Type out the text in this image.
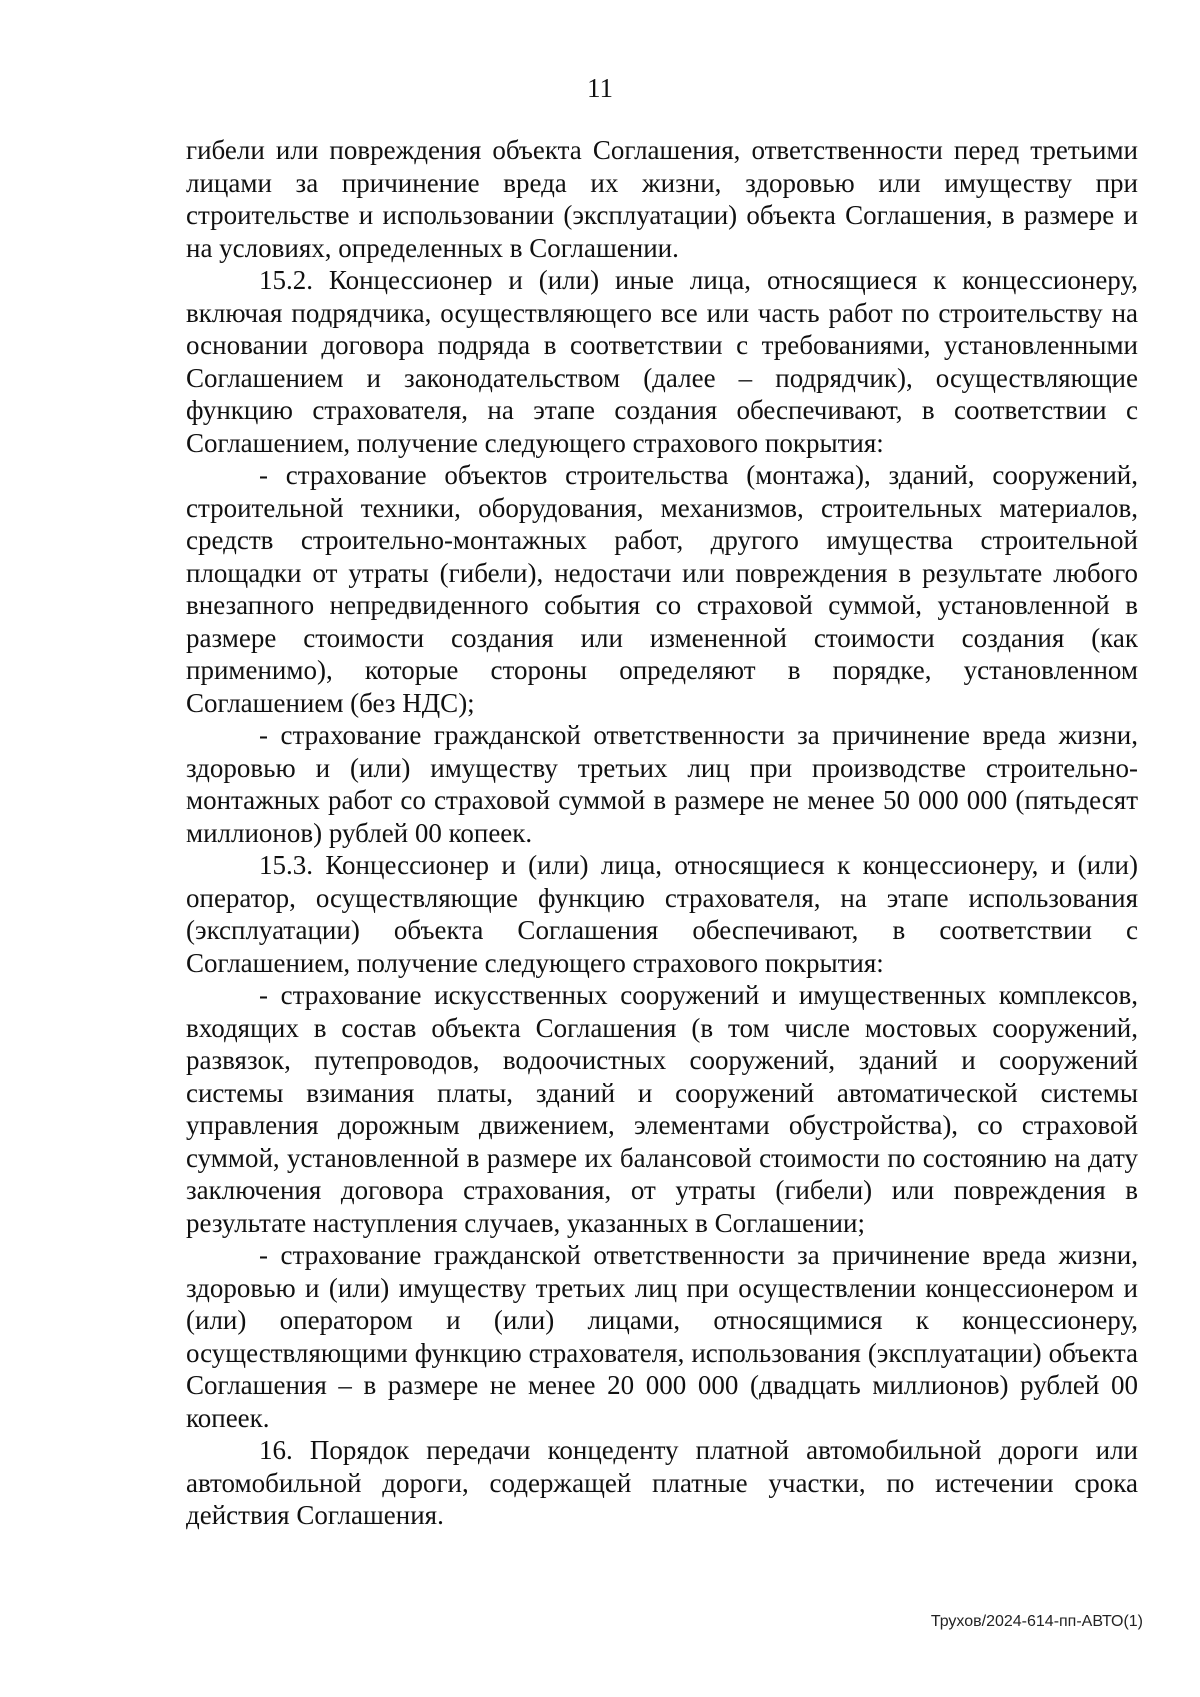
11

гибели или повреждения объекта Соглашения, ответственности перед третьими лицами за причинение вреда их жизни, здоровью или имуществу при строительстве и использовании (эксплуатации) объекта Соглашения, в размере и на условиях, определенных в Соглашении.

15.2. Концессионер и (или) иные лица, относящиеся к концессионеру, включая подрядчика, осуществляющего все или часть работ по строительству на основании договора подряда в соответствии с требованиями, установленными Соглашением и законодательством (далее – подрядчик), осуществляющие функцию страхователя, на этапе создания обеспечивают, в соответствии с Соглашением, получение следующего страхового покрытия:

- страхование объектов строительства (монтажа), зданий, сооружений, строительной техники, оборудования, механизмов, строительных материалов, средств строительно-монтажных работ, другого имущества строительной площадки от утраты (гибели), недостачи или повреждения в результате любого внезапного непредвиденного события со страховой суммой, установленной в размере стоимости создания или измененной стоимости создания (как применимо), которые стороны определяют в порядке, установленном Соглашением (без НДС);

- страхование гражданской ответственности за причинение вреда жизни, здоровью и (или) имуществу третьих лиц при производстве строительно-монтажных работ со страховой суммой в размере не менее 50 000 000 (пятьдесят миллионов) рублей 00 копеек.

15.3. Концессионер и (или) лица, относящиеся к концессионеру, и (или) оператор, осуществляющие функцию страхователя, на этапе использования (эксплуатации) объекта Соглашения обеспечивают, в соответствии с Соглашением, получение следующего страхового покрытия:

- страхование искусственных сооружений и имущественных комплексов, входящих в состав объекта Соглашения (в том числе мостовых сооружений, развязок, путепроводов, водоочистных сооружений, зданий и сооружений системы взимания платы, зданий и сооружений автоматической системы управления дорожным движением, элементами обустройства), со страховой суммой, установленной в размере их балансовой стоимости по состоянию на дату заключения договора страхования, от утраты (гибели) или повреждения в результате наступления случаев, указанных в Соглашении;

- страхование гражданской ответственности за причинение вреда жизни, здоровью и (или) имуществу третьих лиц при осуществлении концессионером и (или) оператором и (или) лицами, относящимися к концессионеру, осуществляющими функцию страхователя, использования (эксплуатации) объекта Соглашения – в размере не менее 20 000 000 (двадцать миллионов) рублей 00 копеек.

16. Порядок передачи концеденту платной автомобильной дороги или автомобильной дороги, содержащей платные участки, по истечении срока действия Соглашения.

Трухов/2024-614-пп-АВТО(1)
